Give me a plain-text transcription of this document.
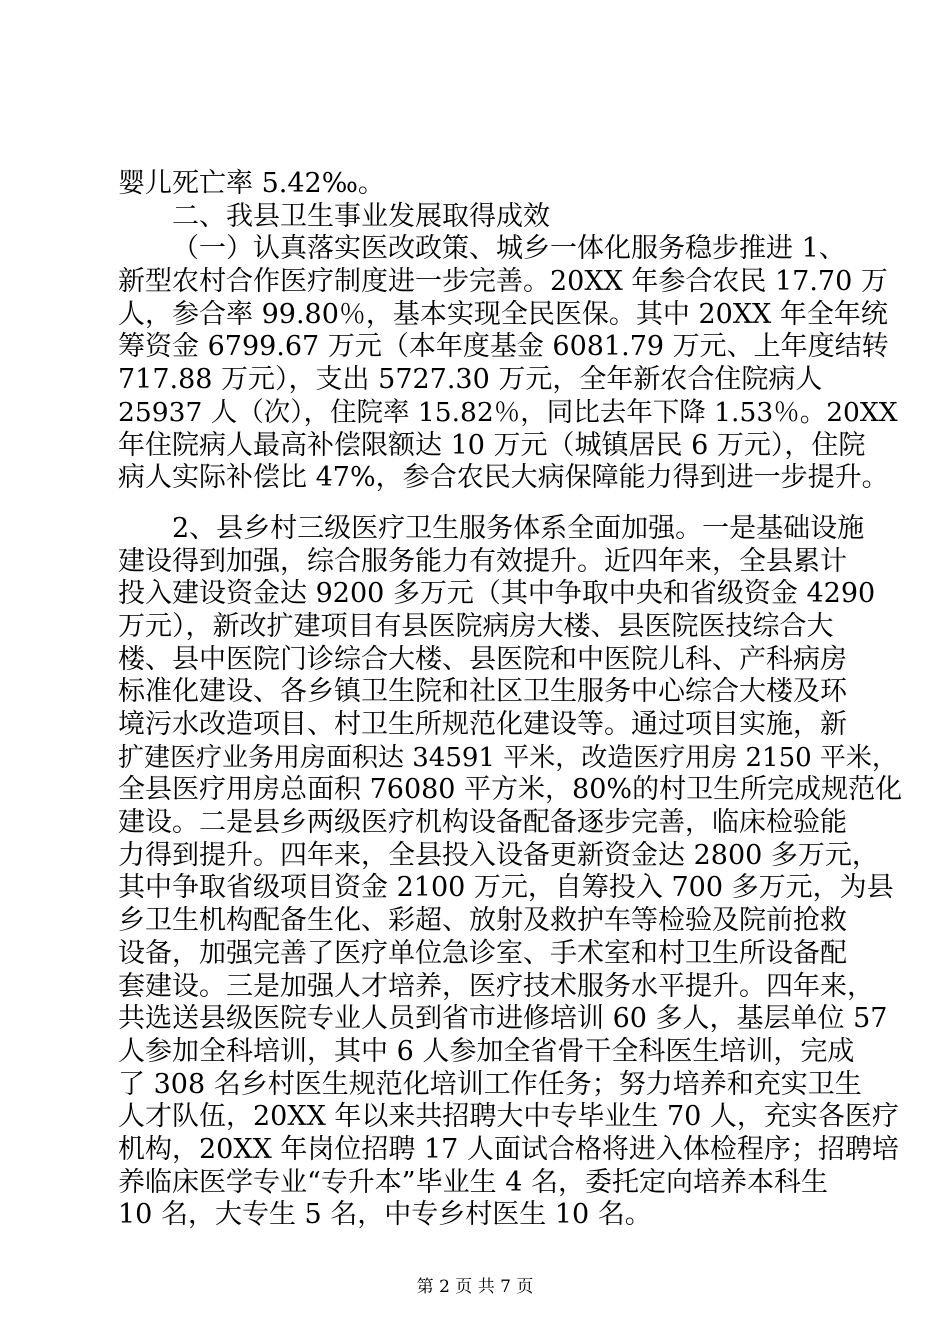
婴儿死亡率 5.42‰。
二、我县卫生事业发展取得成效
（一）认真落实医改政策、城乡一体化服务稳步推进 1、
新型农村合作医疗制度进一步完善。20XX 年参合农民 17.70 万
人，参合率 99.80％，基本实现全民医保。其中 20XX 年全年统
筹资金 6799.67 万元（本年度基金 6081.79 万元、上年度结转
717.88 万元），支出 5727.30 万元，全年新农合住院病人
25937 人（次），住院率 15.82％，同比去年下降 1.53％。20XX
年住院病人最高补偿限额达 10 万元（城镇居民 6 万元），住院
病人实际补偿比 47%，参合农民大病保障能力得到进一步提升。
2、县乡村三级医疗卫生服务体系全面加强。一是基础设施
建设得到加强，综合服务能力有效提升。近四年来，全县累计
投入建设资金达 9200 多万元（其中争取中央和省级资金 4290
万元），新改扩建项目有县医院病房大楼、县医院医技综合大
楼、县中医院门诊综合大楼、县医院和中医院儿科、产科病房
标准化建设、各乡镇卫生院和社区卫生服务中心综合大楼及环
境污水改造项目、村卫生所规范化建设等。通过项目实施，新
扩建医疗业务用房面积达 34591 平米，改造医疗用房 2150 平米，
全县医疗用房总面积 76080 平方米，80%的村卫生所完成规范化
建设。二是县乡两级医疗机构设备配备逐步完善，临床检验能
力得到提升。四年来，全县投入设备更新资金达 2800 多万元，
其中争取省级项目资金 2100 万元，自筹投入 700 多万元，为县
乡卫生机构配备生化、彩超、放射及救护车等检验及院前抢救
设备，加强完善了医疗单位急诊室、手术室和村卫生所设备配
套建设。三是加强人才培养，医疗技术服务水平提升。四年来，
共选送县级医院专业人员到省市进修培训 60 多人，基层单位 57
人参加全科培训，其中 6 人参加全省骨干全科医生培训，完成
了 308 名乡村医生规范化培训工作任务；努力培养和充实卫生
人才队伍，20XX 年以来共招聘大中专毕业生 70 人，充实各医疗
机构，20XX 年岗位招聘 17 人面试合格将进入体检程序；招聘培
养临床医学专业“专升本”毕业生 4 名，委托定向培养本科生
10 名，大专生 5 名，中专乡村医生 10 名。
第 2 页 共 7 页
